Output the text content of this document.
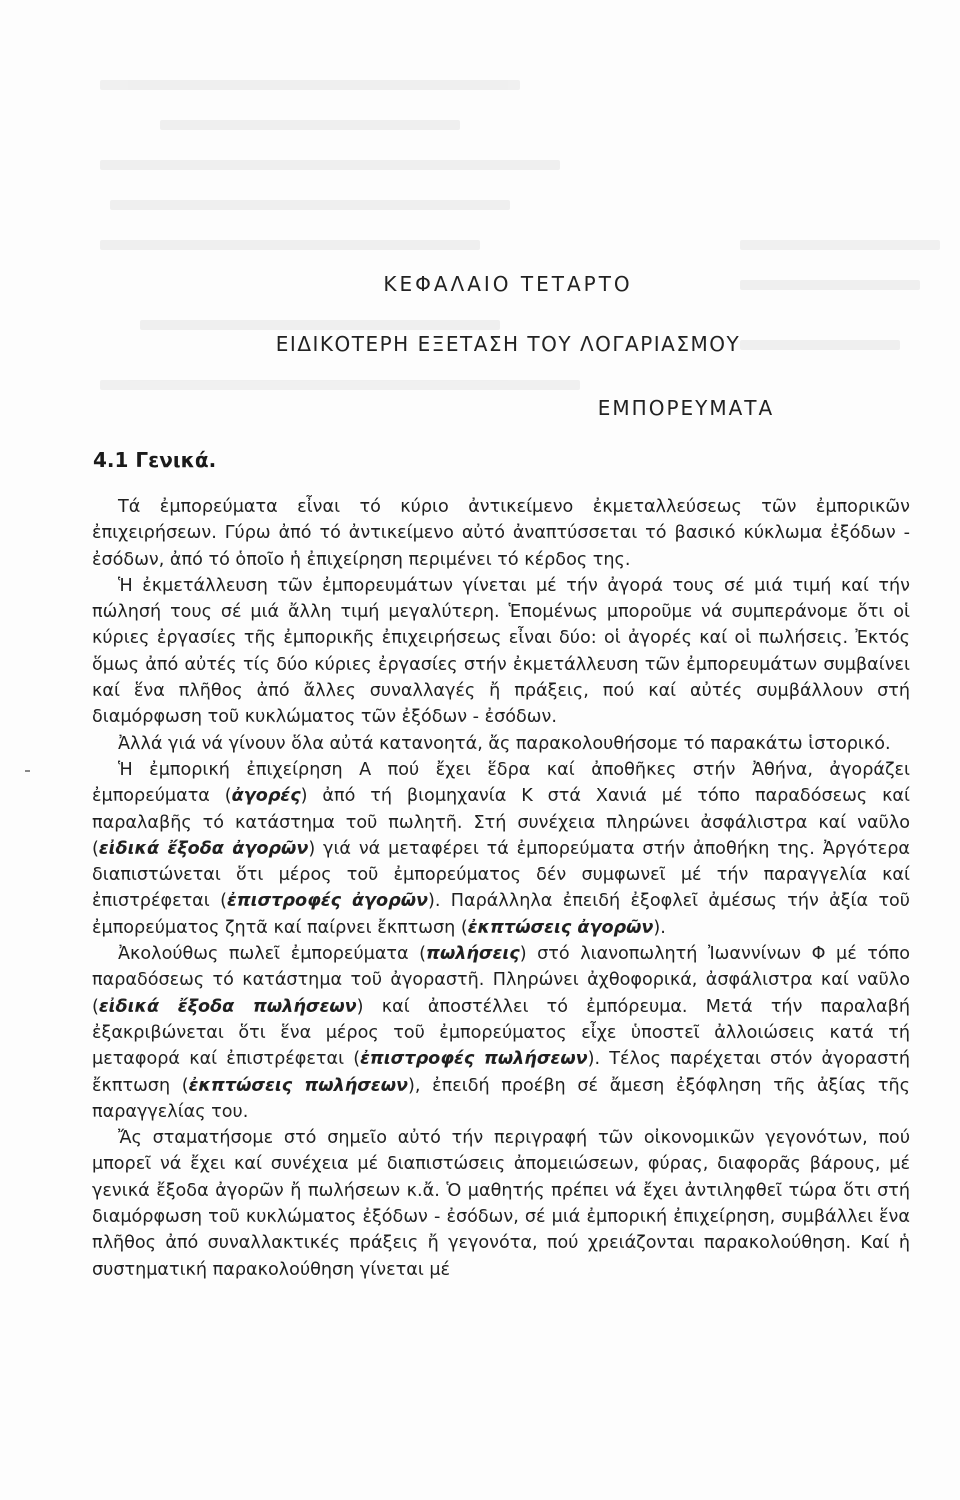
ΚΕΦΑΛΑΙΟ ΤΕΤΑΡΤΟ
ΕΙΔΙΚΟΤΕΡΗ ΕΞΕΤΑΣΗ ΤΟΥ ΛΟΓΑΡΙΑΣΜΟΥ
ΕΜΠΟΡΕΥΜΑΤΑ
4.1 Γενικά.

Τά ἐμπορεύματα εἶναι τό κύριο ἀντικείμενο ἐκμεταλλεύσεως τῶν ἐμπορικῶν ἐπιχειρήσεων. Γύρω ἀπό τό ἀντικείμενο αὐτό ἀναπτύσσεται τό βασικό κύκλωμα ἐξόδων - ἐσόδων, ἀπό τό ὁποῖο ἡ ἐπιχείρηση περιμένει τό κέρδος της.

Ἡ ἐκμετάλλευση τῶν ἐμπορευμάτων γίνεται μέ τήν ἀγορά τους σέ μιά τιμή καί τήν πώλησή τους σέ μιά ἄλλη τιμή μεγαλύτερη. Ἑπομένως μποροῦμε νά συμπεράνομε ὅτι οἱ κύριες ἐργασίες τῆς ἐμπορικῆς ἐπιχειρήσεως εἶναι δύο: οἱ ἀγορές καί οἱ πωλήσεις. Ἐκτός ὅμως ἀπό αὐτές τίς δύο κύριες ἐργασίες στήν ἐκμετάλλευση τῶν ἐμπορευμάτων συμβαίνει καί ἕνα πλῆθος ἀπό ἄλλες συναλλαγές ἤ πράξεις, πού καί αὐτές συμβάλλουν στή διαμόρφωση τοῦ κυκλώματος τῶν ἐξόδων - ἐσόδων.

Ἀλλά γιά νά γίνουν ὅλα αὐτά κατανοητά, ἄς παρακολουθήσομε τό παρακάτω ἱστορικό.

Ἡ ἐμπορική ἐπιχείρηση Α πού ἔχει ἕδρα καί ἀποθῆκες στήν Ἀθήνα, ἀγοράζει ἐμπορεύματα (ἀγορές) ἀπό τή βιομηχανία Κ στά Χανιά μέ τόπο παραδόσεως καί παραλαβῆς τό κατάστημα τοῦ πωλητῆ. Στή συνέχεια πληρώνει ἀσφάλιστρα καί ναῦλο (εἰδικά ἔξοδα ἀγορῶν) γιά νά μεταφέρει τά ἐμπορεύματα στήν ἀποθήκη της. Ἀργότερα διαπιστώνεται ὅτι μέρος τοῦ ἐμπορεύματος δέν συμφωνεῖ μέ τήν παραγγελία καί ἐπιστρέφεται (ἐπιστροφές ἀγορῶν). Παράλληλα ἐπειδή ἐξοφλεῖ ἀμέσως τήν ἀξία τοῦ ἐμπορεύματος ζητᾶ καί παίρνει ἔκπτωση (ἐκπτώσεις ἀγορῶν).

Ἀκολούθως πωλεῖ ἐμπορεύματα (πωλήσεις) στό λιανοπωλητή Ἰωαννίνων Φ μέ τόπο παραδόσεως τό κατάστημα τοῦ ἀγοραστῆ. Πληρώνει ἀχθοφορικά, ἀσφάλιστρα καί ναῦλο (εἰδικά ἔξοδα πωλήσεων) καί ἀποστέλλει τό ἐμπόρευμα. Μετά τήν παραλαβή ἐξακριβώνεται ὅτι ἕνα μέρος τοῦ ἐμπορεύματος εἶχε ὑποστεῖ ἀλλοιώσεις κατά τή μεταφορά καί ἐπιστρέφεται (ἐπιστροφές πωλήσεων). Τέλος παρέχεται στόν ἀγοραστή ἔκπτωση (ἐκπτώσεις πωλήσεων), ἐπειδή προέβη σέ ἄμεση ἐξόφληση τῆς ἀξίας τῆς παραγγελίας του.

Ἄς σταματήσομε στό σημεῖο αὐτό τήν περιγραφή τῶν οἰκονομικῶν γεγονότων, πού μπορεῖ νά ἔχει καί συνέχεια μέ διαπιστώσεις ἀπομειώσεων, φύρας, διαφορᾶς βάρους, μέ γενικά ἔξοδα ἀγορῶν ἤ πωλήσεων κ.ἄ. Ὁ μαθητής πρέπει νά ἔχει ἀντιληφθεῖ τώρα ὅτι στή διαμόρφωση τοῦ κυκλώματος ἐξόδων - ἐσόδων, σέ μιά ἐμπορική ἐπιχείρηση, συμβάλλει ἕνα πλῆθος ἀπό συναλλακτικές πράξεις ἤ γεγονότα, πού χρειάζονται παρακολούθηση. Καί ἡ συστηματική παρακολούθηση γίνεται μέ
